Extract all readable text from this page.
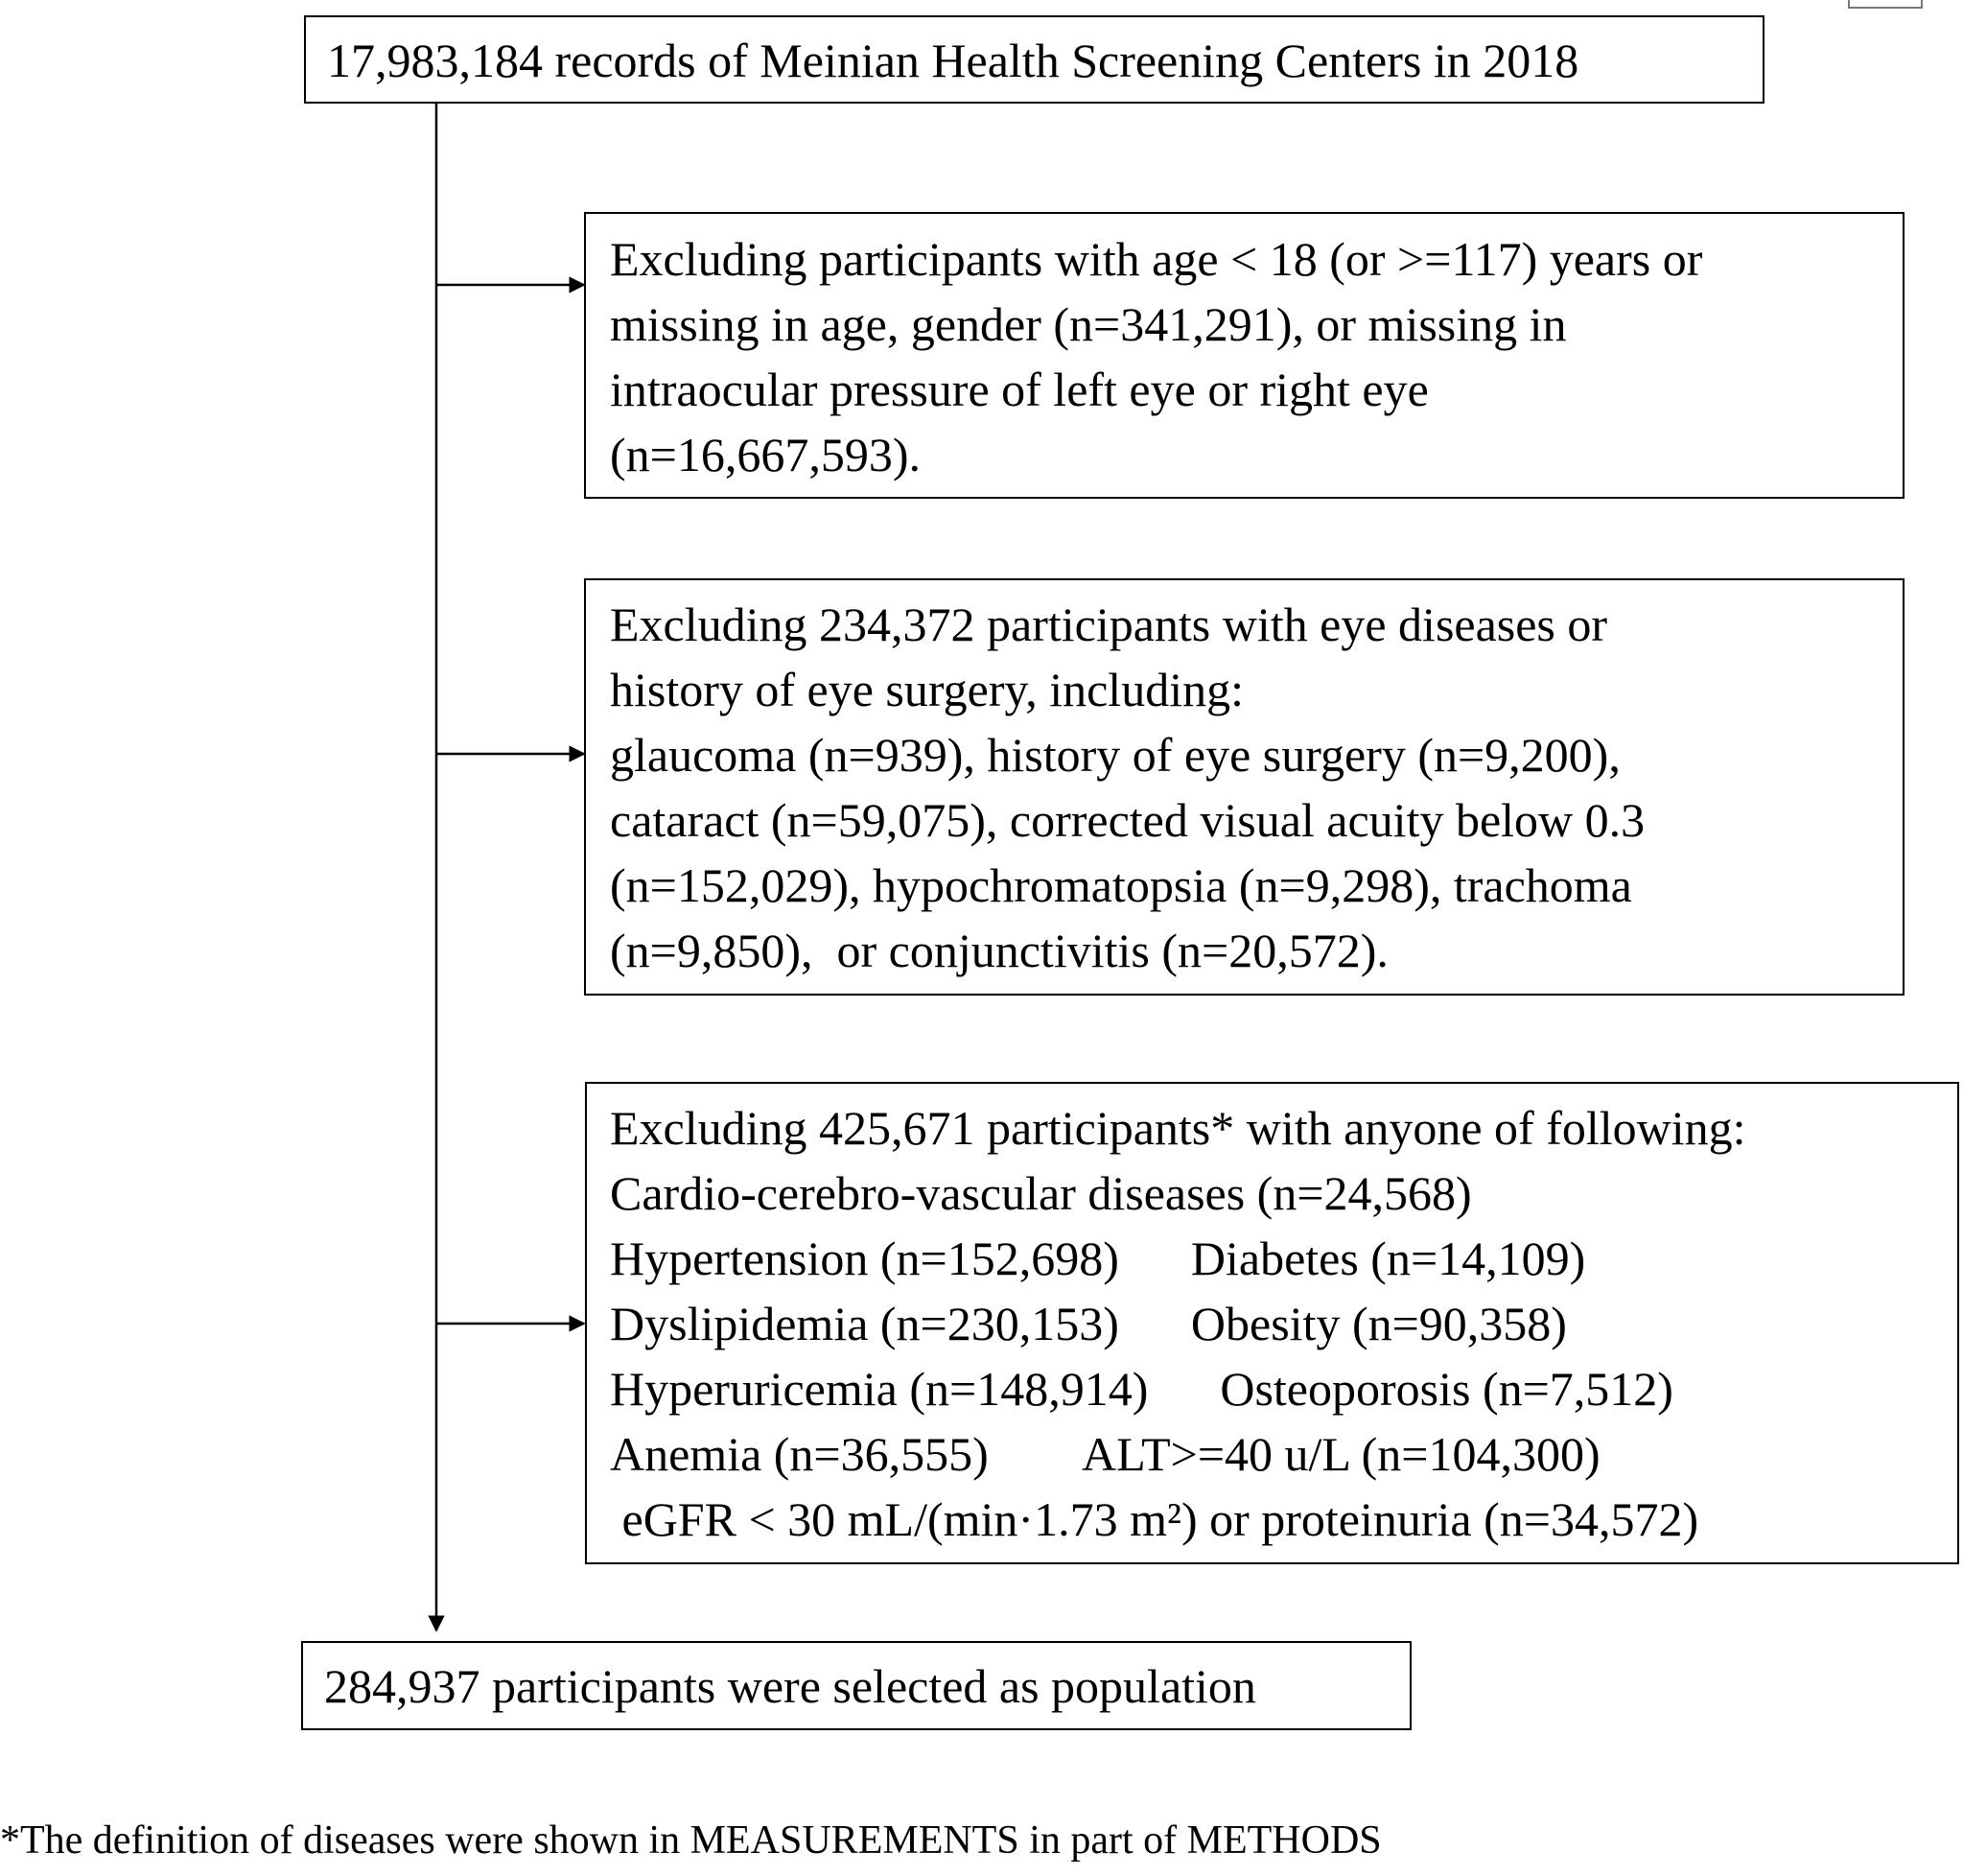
17,983,184 records of Meinian Health Screening Centers in 2018
Excluding participants with age < 18 (or >=117) years or
missing in age, gender (n=341,291), or missing in
intraocular pressure of left eye or right eye
(n=16,667,593).
Excluding 234,372 participants with eye diseases or
history of eye surgery, including:
glaucoma (n=939), history of eye surgery (n=9,200),
cataract (n=59,075), corrected visual acuity below 0.3
(n=152,029), hypochromatopsia (n=9,298), trachoma
(n=9,850),  or conjunctivitis (n=20,572).
Excluding 425,671 participants* with anyone of following:
Cardio-cerebro-vascular diseases (n=24,568)
Hypertension (n=152,698)      Diabetes (n=14,109)
Dyslipidemia (n=230,153)      Obesity (n=90,358)
Hyperuricemia (n=148,914)      Osteoporosis (n=7,512)
Anemia (n=36,555)        ALT>=40 u/L (n=104,300)
eGFR < 30 mL/(min·1.73 m²) or proteinuria (n=34,572)
284,937 participants were selected as population
*The definition of diseases were shown in MEASUREMENTS in part of METHODS
